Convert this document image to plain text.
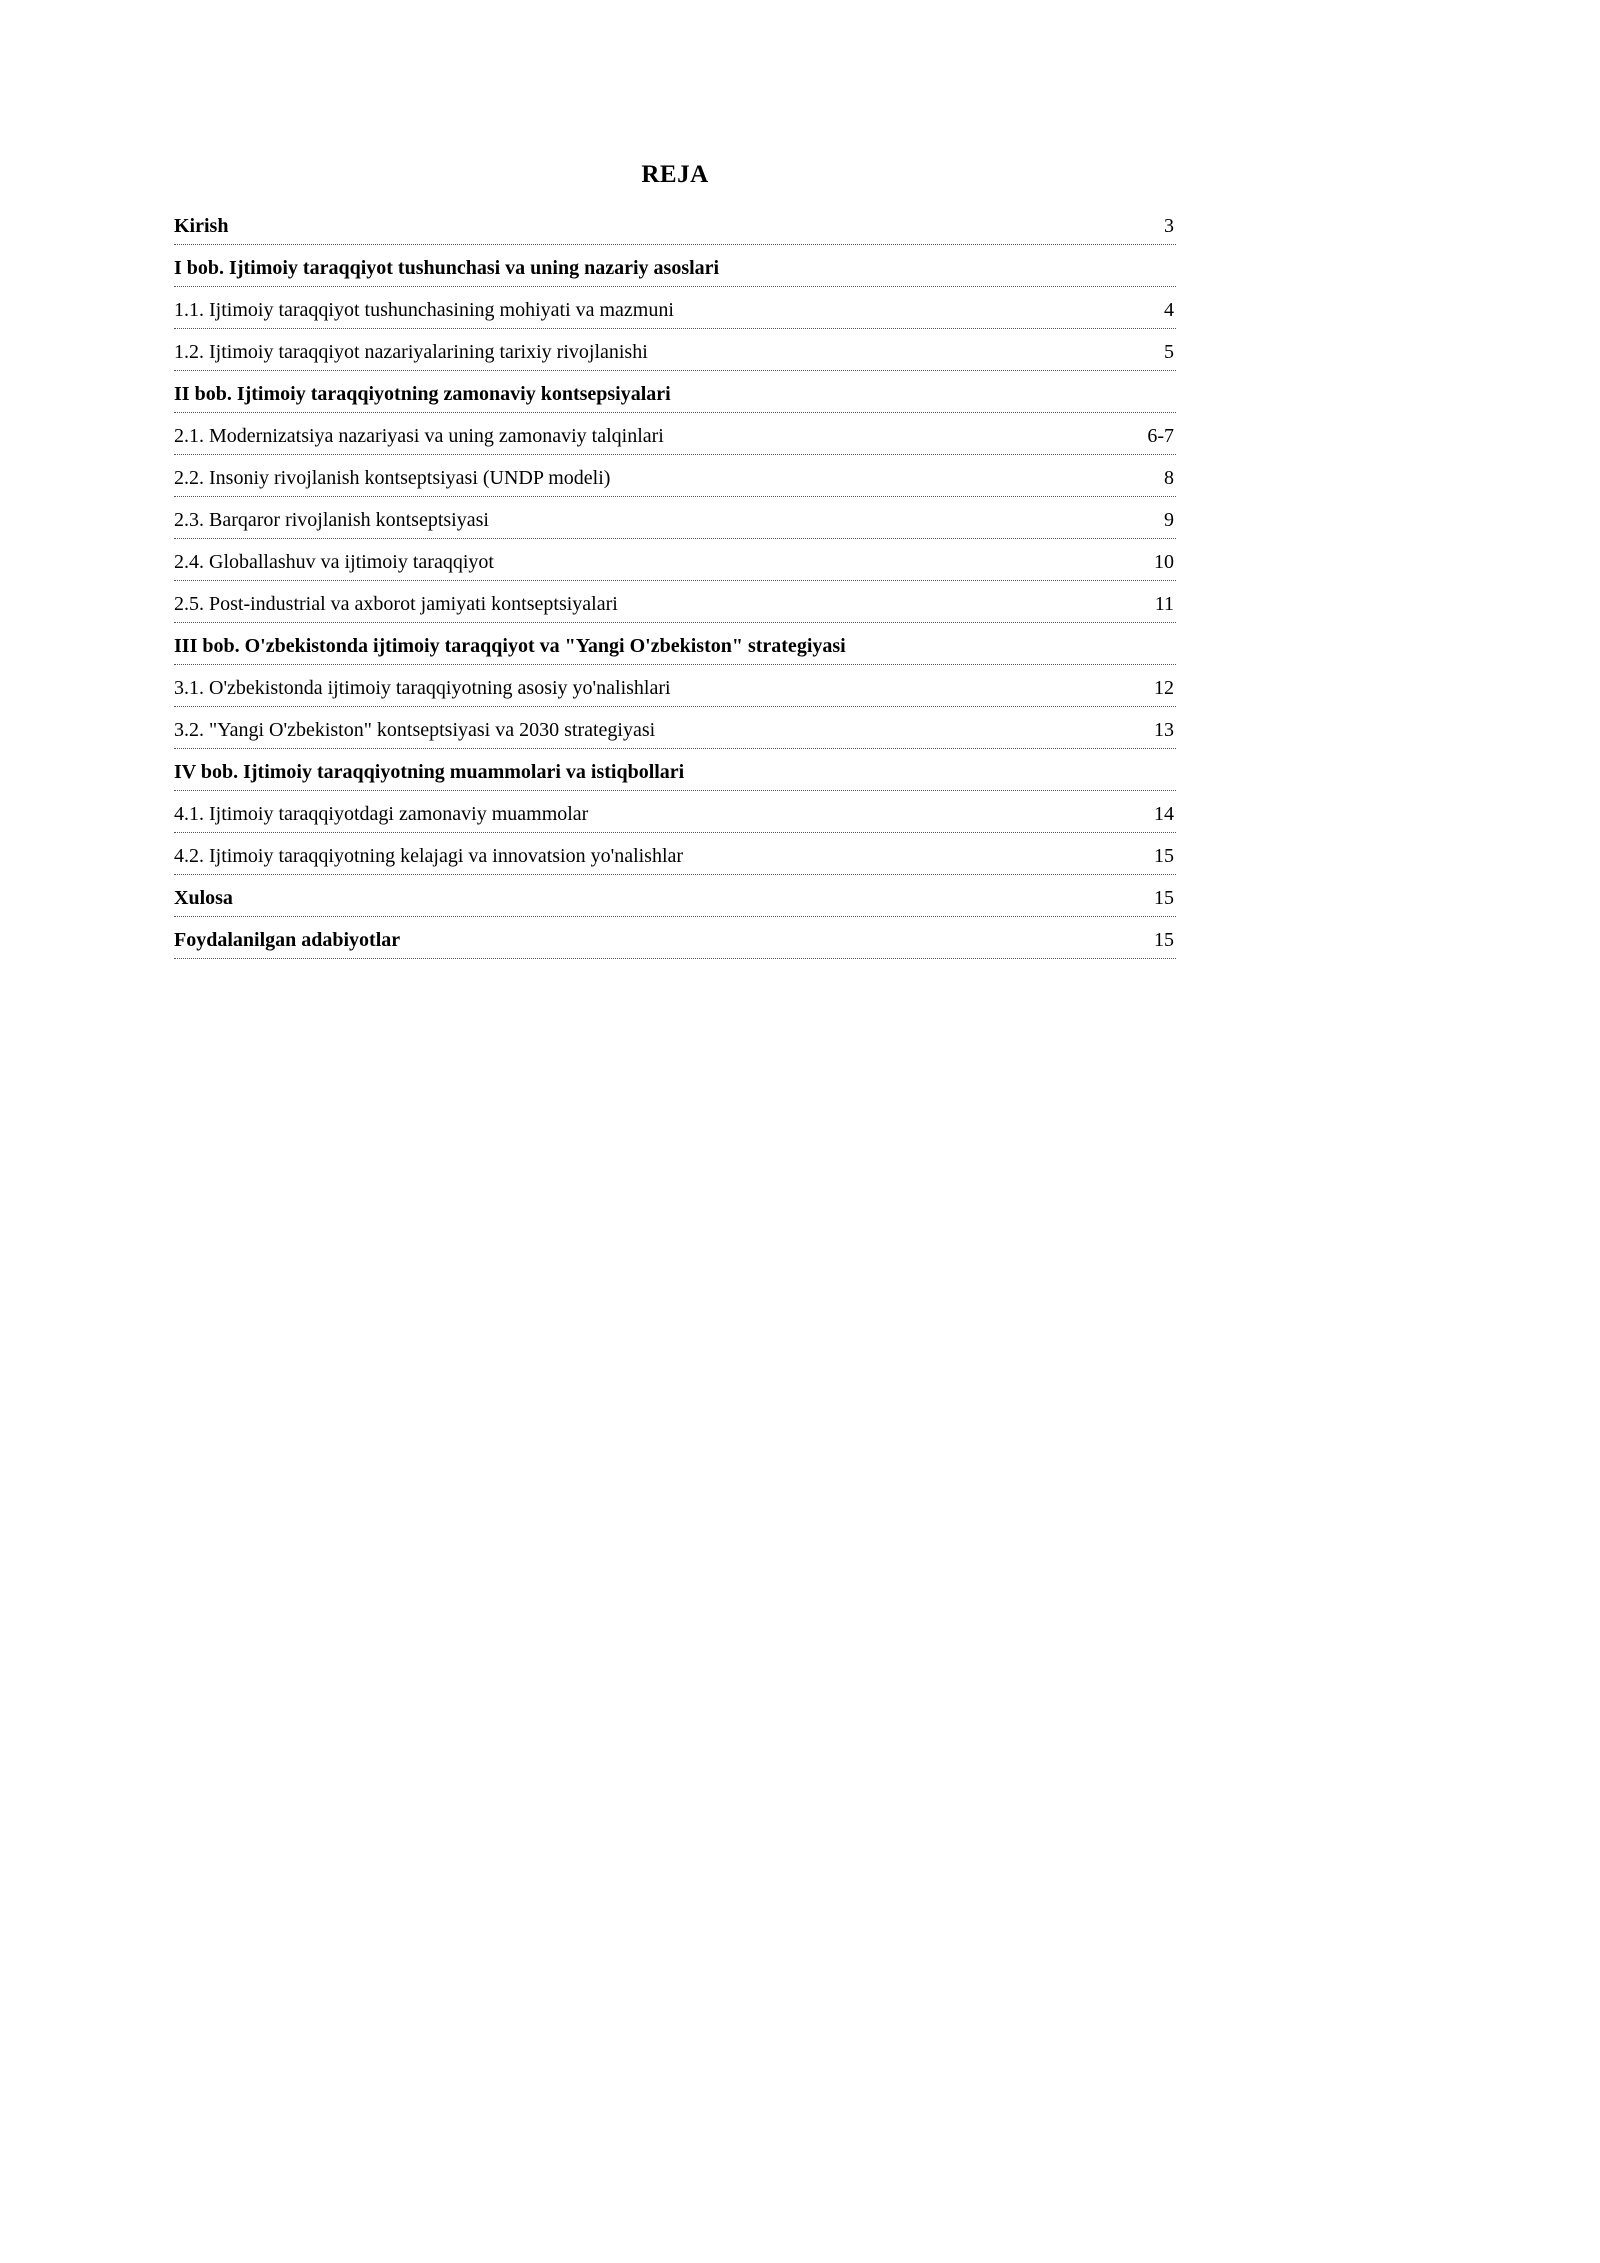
REJA
Kirish	3
I bob. Ijtimoiy taraqqiyot tushunchasi va uning nazariy asoslari
1.1. Ijtimoiy taraqqiyot tushunchasining mohiyati va mazmuni	4
1.2. Ijtimoiy taraqqiyot nazariyalarining tarixiy rivojlanishi	5
II bob. Ijtimoiy taraqqiyotning zamonaviy kontsepsiyalari
2.1. Modernizatsiya nazariyasi va uning zamonaviy talqinlari	6-7
2.2. Insoniy rivojlanish kontseptsiyasi (UNDP modeli)	8
2.3. Barqaror rivojlanish kontseptsiyasi	9
2.4. Globallashuv va ijtimoiy taraqqiyot	10
2.5. Post-industrial va axborot jamiyati kontseptsiyalari	11
III bob. O'zbekistonda ijtimoiy taraqqiyot va "Yangi O'zbekiston" strategiyasi
3.1. O'zbekistonda ijtimoiy taraqqiyotning asosiy yo'nalishlari	12
3.2. "Yangi O'zbekiston" kontseptsiyasi va 2030 strategiyasi	13
IV bob. Ijtimoiy taraqqiyotning muammolari va istiqbollari
4.1. Ijtimoiy taraqqiyotdagi zamonaviy muammolar	14
4.2. Ijtimoiy taraqqiyotning kelajagi va innovatsion yo'nalishlar	15
Xulosa	15
Foydalanilgan adabiyotlar	15
